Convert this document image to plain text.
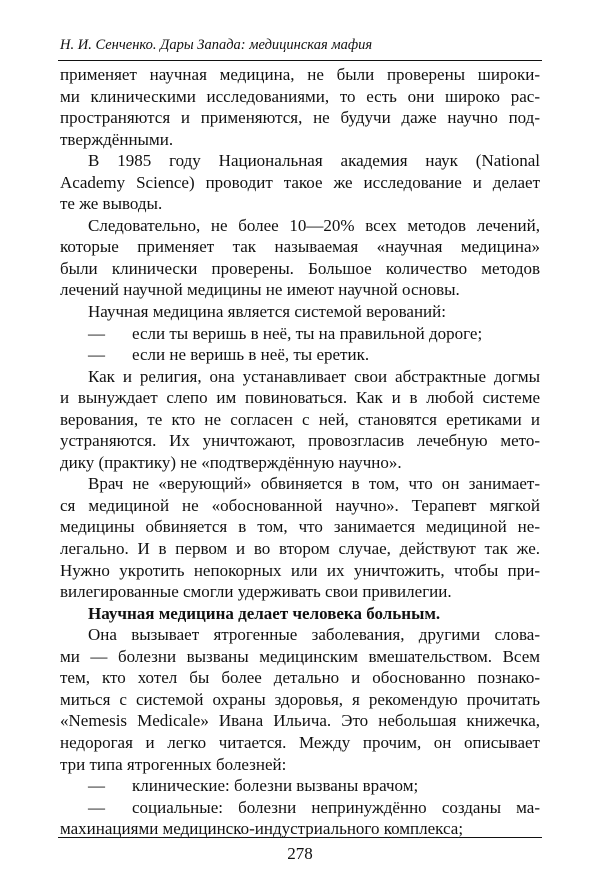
Н. И. Сенченко. Дары Запада: медицинская мафия
применяет научная медицина, не были проверены широки-
ми клиническими исследованиями, то есть они широко рас-
пространяются и применяются, не будучи даже научно под-
тверждёнными.
В 1985 году Национальная академия наук (National
Academy Science) проводит такое же исследование и делает
те же выводы.
Следовательно, не более 10—20% всех методов лечений,
которые применяет так называемая «научная медицина»
были клинически проверены. Большое количество методов
лечений научной медицины не имеют научной основы.
Научная медицина является системой верований:
— если ты веришь в неё, ты на правильной дороге;
— если не веришь в неё, ты еретик.
Как и религия, она устанавливает свои абстрактные догмы
и вынуждает слепо им повиноваться. Как и в любой системе
верования, те кто не согласен с ней, становятся еретиками и
устраняются. Их уничтожают, провозгласив лечебную мето-
дику (практику) не «подтверждённую научно».
Врач не «верующий» обвиняется в том, что он занимает-
ся медициной не «обоснованной научно». Терапевт мягкой
медицины обвиняется в том, что занимается медициной не-
легально. И в первом и во втором случае, действуют так же.
Нужно укротить непокорных или их уничтожить, чтобы при-
вилегированные смогли удерживать свои привилегии.
Научная медицина делает человека больным.
Она вызывает ятрогенные заболевания, другими слова-
ми — болезни вызваны медицинским вмешательством. Всем
тем, кто хотел бы более детально и обоснованно познако-
миться с системой охраны здоровья, я рекомендую прочитать
«Nemesis Medicale» Ивана Ильича. Это небольшая книжечка,
недорогая и легко читается. Между прочим, он описывает
три типа ятрогенных болезней:
— клинические: болезни вызваны врачом;
— социальные: болезни непринуждённо созданы ма-
махинациями медицинско-индустриального комплекса;
278
